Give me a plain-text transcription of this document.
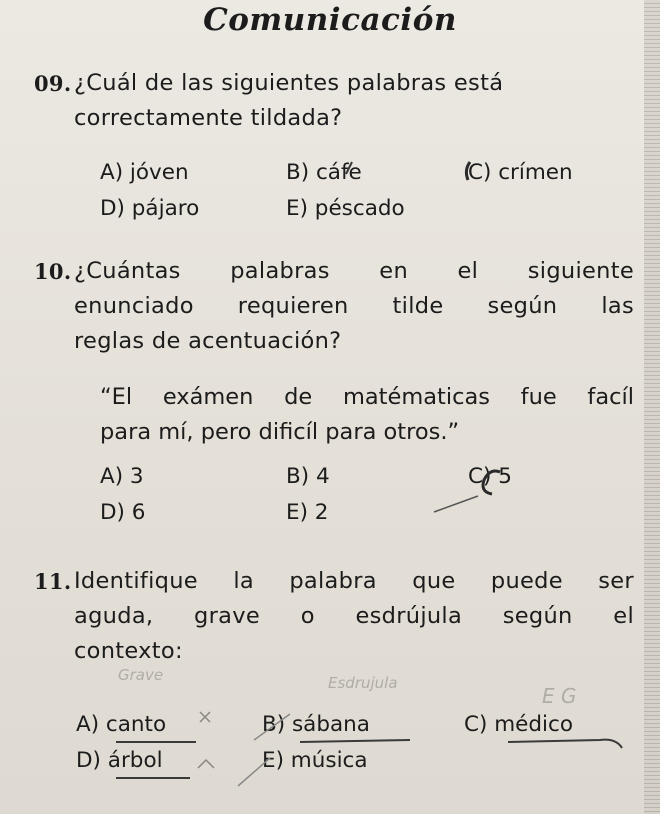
Comunicación
09. ¿Cuál de las siguientes palabras está
correctamente tildada?
A) jóven	B) cáfe	C) crímen
D) pájaro	E) péscado
10. ¿Cuántas palabras en el siguiente
enunciado requieren tilde según las
reglas de acentuación?
“El exámen de matématicas fue facíl
para mí, pero dificíl para otros.”
A) 3	B) 4	C) 5
D) 6	E) 2
11. Identifique la palabra que puede ser
aguda, grave o esdrújula según el
contexto:
Grave	Esdrujula
E G
A) canto	B) sábana	C) médico
D) árbol	E) música
